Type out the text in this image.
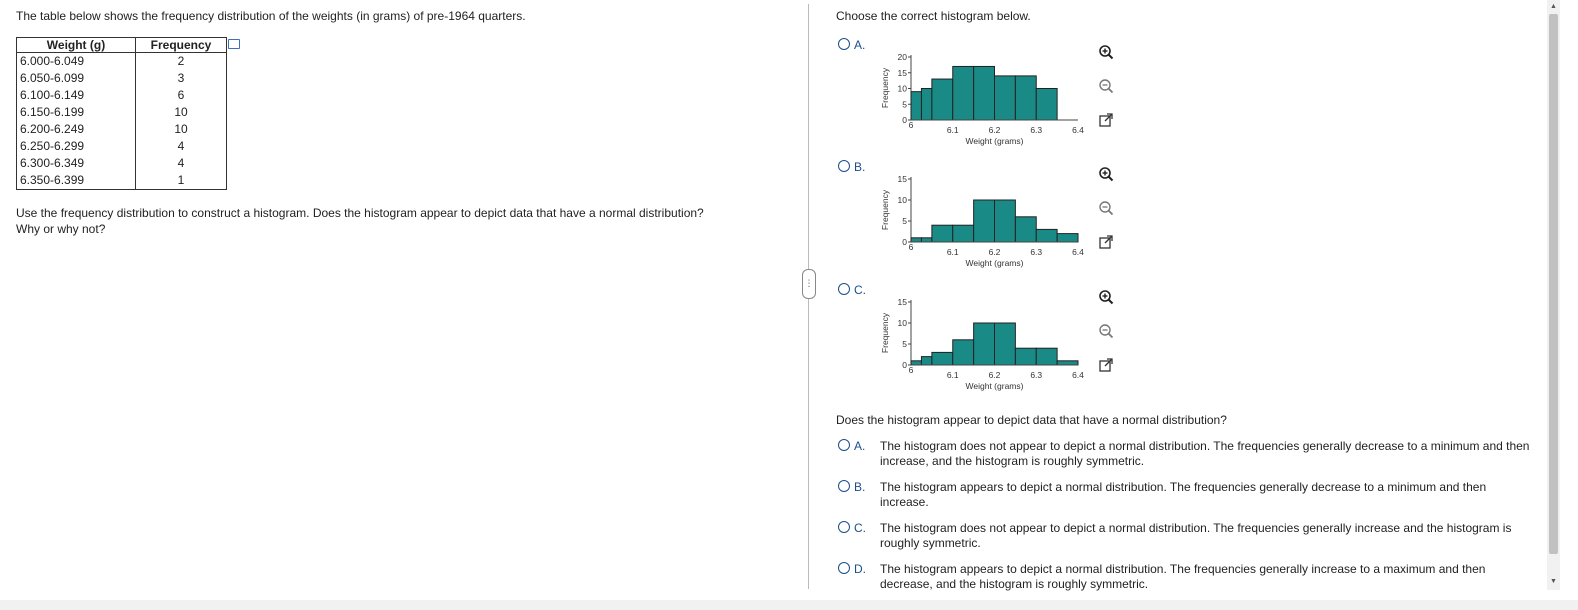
The table below shows the frequency distribution of the weights (in grams) of pre-1964 quarters.
Weight (g)	Frequency
6.000-6.049	2
6.050-6.099	3
6.100-6.149	6
6.150-6.199	10
6.200-6.249	10
6.250-6.299	4
6.300-6.349	4
6.350-6.399	1
Use the frequency distribution to construct a histogram. Does the histogram appear to depict data that have a normal distribution?
Why or why not?
⋮
Choose the correct histogram below.
A.
Frequency
0
5
10
15
20
6	6.1	6.2	6.3	6.4
Weight (grams)

B.
Frequency
0
5
10
15
6	6.1	6.2	6.3	6.4
Weight (grams)

C.
Frequency
0
5
10
15
6	6.1	6.2	6.3	6.4
Weight (grams)

Does the histogram appear to depict data that have a normal distribution?
A. The histogram does not appear to depict a normal distribution. The frequencies generally decrease to a minimum and then increase, and the histogram is roughly symmetric.
B. The histogram appears to depict a normal distribution. The frequencies generally decrease to a minimum and then increase.
C. The histogram does not appear to depict a normal distribution. The frequencies generally increase and the histogram is roughly symmetric.
D. The histogram appears to depict a normal distribution. The frequencies generally increase to a maximum and then decrease, and the histogram is roughly symmetric.
▲
▼
